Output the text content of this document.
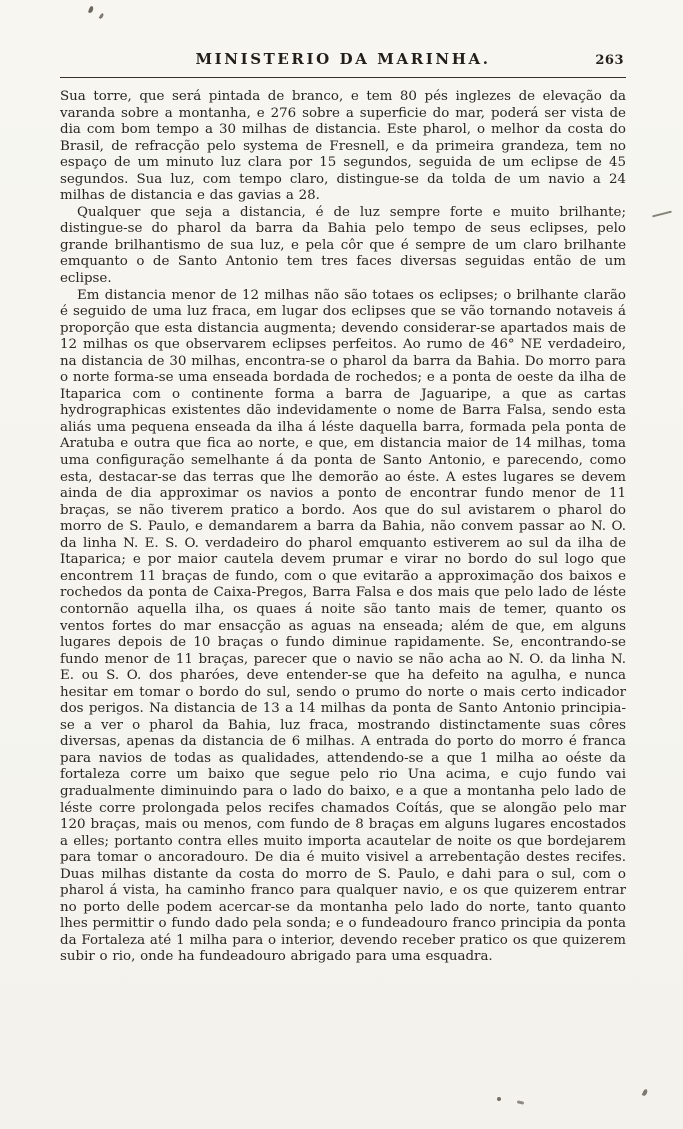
MINISTERIO DA MARINHA.	263

Sua torre, que será pintada de branco, e tem 80 pés inglezes de elevação da varanda sobre a montanha, e 276 sobre a superficie do mar, poderá ser vista de dia com bom tempo a 30 milhas de distancia. Este pharol, o melhor da costa do Brasil, de refracção pelo systema de Fresnell, e da primeira grandeza, tem no espaço de um minuto luz clara por 15 segundos, seguida de um eclipse de 45 segundos. Sua luz, com tempo claro, distingue-se da tolda de um navio a 24 milhas de distancia e das gavias a 28.

Qualquer que seja a distancia, é de luz sempre forte e muito brilhante; distingue-se do pharol da barra da Bahia pelo tempo de seus eclipses, pelo grande brilhantismo de sua luz, e pela côr que é sempre de um claro brilhante emquanto o de Santo Antonio tem tres faces diversas seguidas então de um eclipse.

Em distancia menor de 12 milhas não são totaes os eclipses; o brilhante clarão é seguido de uma luz fraca, em lugar dos eclipses que se vão tornando notaveis á proporção que esta distancia augmenta; devendo considerar-se apartados mais de 12 milhas os que observarem eclipses perfeitos. Ao rumo de 46° NE verdadeiro, na distancia de 30 milhas, encontra-se o pharol da barra da Bahia. Do morro para o norte forma-se uma enseada bordada de rochedos; e a ponta de oeste da ilha de Itaparica com o continente forma a barra de Jaguaripe, a que as cartas hydrographicas existentes dão indevidamente o nome de Barra Falsa, sendo esta aliás uma pequena enseada da ilha á léste daquella barra, formada pela ponta de Aratuba e outra que fica ao norte, e que, em distancia maior de 14 milhas, toma uma configuração semelhante á da ponta de Santo Antonio, e parecendo, como esta, destacar-se das terras que lhe demorão ao éste. A estes lugares se devem ainda de dia approximar os navios a ponto de encontrar fundo menor de 11 braças, se não tiverem pratico a bordo. Aos que do sul avistarem o pharol do morro de S. Paulo, e demandarem a barra da Bahia, não convem passar ao N. O. da linha N. E. S. O. verdadeiro do pharol emquanto estiverem ao sul da ilha de Itaparica; e por maior cautela devem prumar e virar no bordo do sul logo que encontrem 11 braças de fundo, com o que evitarão a approximação dos baixos e rochedos da ponta de Caixa-Pregos, Barra Falsa e dos mais que pelo lado de léste contornão aquella ilha, os quaes á noite são tanto mais de temer, quanto os ventos fortes do mar ensacção as aguas na enseada; além de que, em alguns lugares depois de 10 braças o fundo diminue rapidamente. Se, encontrando-se fundo menor de 11 braças, parecer que o navio se não acha ao N. O. da linha N. E. ou S. O. dos pharóes, deve entender-se que ha defeito na agulha, e nunca hesitar em tomar o bordo do sul, sendo o prumo do norte o mais certo indicador dos perigos. Na distancia de 13 a 14 milhas da ponta de Santo Antonio principia-se a ver o pharol da Bahia, luz fraca, mostrando distinctamente suas côres diversas, apenas da distancia de 6 milhas. A entrada do porto do morro é franca para navios de todas as qualidades, attendendo-se a que 1 milha ao oéste da fortaleza corre um baixo que segue pelo rio Una acima, e cujo fundo vai gradualmente diminuindo para o lado do baixo, e a que a montanha pelo lado de léste corre prolongada pelos recifes chamados Coítás, que se alongão pelo mar 120 braças, mais ou menos, com fundo de 8 braças em alguns lugares encostados a elles; portanto contra elles muito importa acautelar de noite os que bordejarem para tomar o ancoradouro. De dia é muito visivel a arrebentação destes recifes. Duas milhas distante da costa do morro de S. Paulo, e dahi para o sul, com o pharol á vista, ha caminho franco para qualquer navio, e os que quizerem entrar no porto delle podem acercar-se da montanha pelo lado do norte, tanto quanto lhes permittir o fundo dado pela sonda; e o fundeadouro franco principia da ponta da Fortaleza até 1 milha para o interior, devendo receber pratico os que quizerem subir o rio, onde ha fundeadouro abrigado para uma esquadra.
